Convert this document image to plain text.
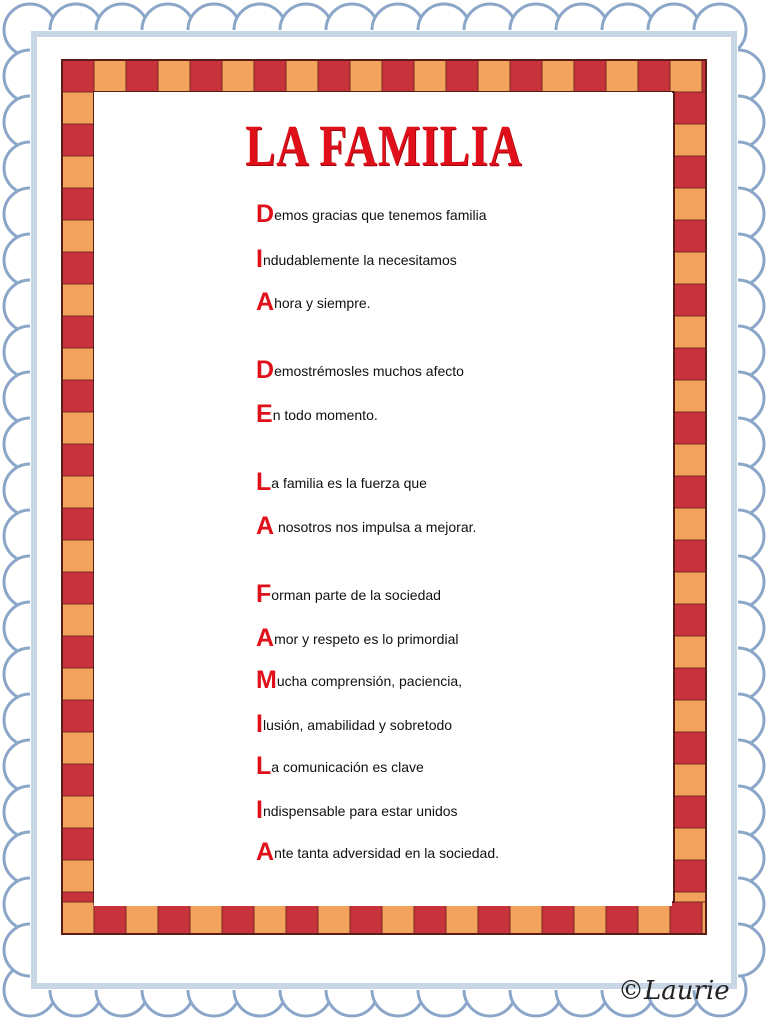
LA FAMILIA
Demos gracias que tenemos familia
Indudablemente la necesitamos
Ahora y siempre.
Demostrémosles muchos afecto
En todo momento.
La familia es la fuerza que
A nosotros nos impulsa a mejorar.
Forman parte de la sociedad
Amor y respeto es lo primordial
Mucha comprensión, paciencia,
Ilusión, amabilidad y sobretodo
La comunicación es clave
Indispensable para estar unidos
Ante tanta adversidad en la sociedad.
©Laurie
